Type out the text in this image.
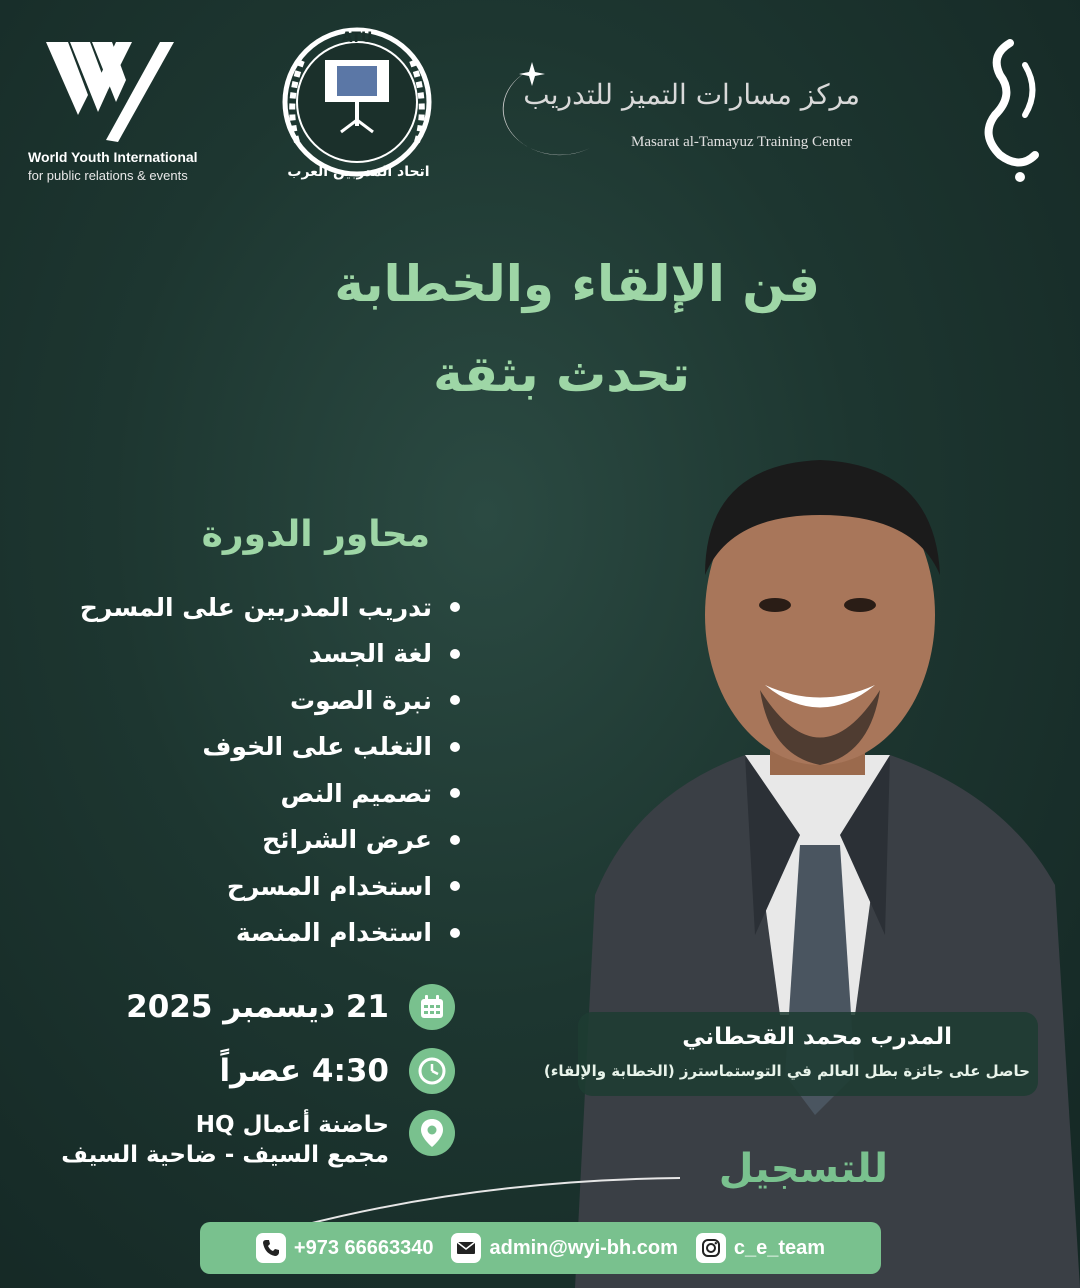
World Youth International
for public relations & events
ATU
اتحاد المدربين العرب
مركز مسارات التميز للتدريب
Masarat al-Tamayuz Training Center
فن الإلقاء والخطابة
تحدث بثقة
محاور الدورة
تدريب المدربين على المسرح
لغة الجسد
نبرة الصوت
التغلب على الخوف
تصميم النص
عرض الشرائح
استخدام المسرح
استخدام المنصة
21 ديسمبر 2025
4:30 عصراً
حاضنة أعمال HQ
مجمع السيف - ضاحية السيف
المدرب محمد القحطاني
حاصل على جائزة بطل العالم في التوستماسترز (الخطابة والإلقاء)
للتسجيل
+973 66663340	admin@wyi-bh.com	c_e_team
